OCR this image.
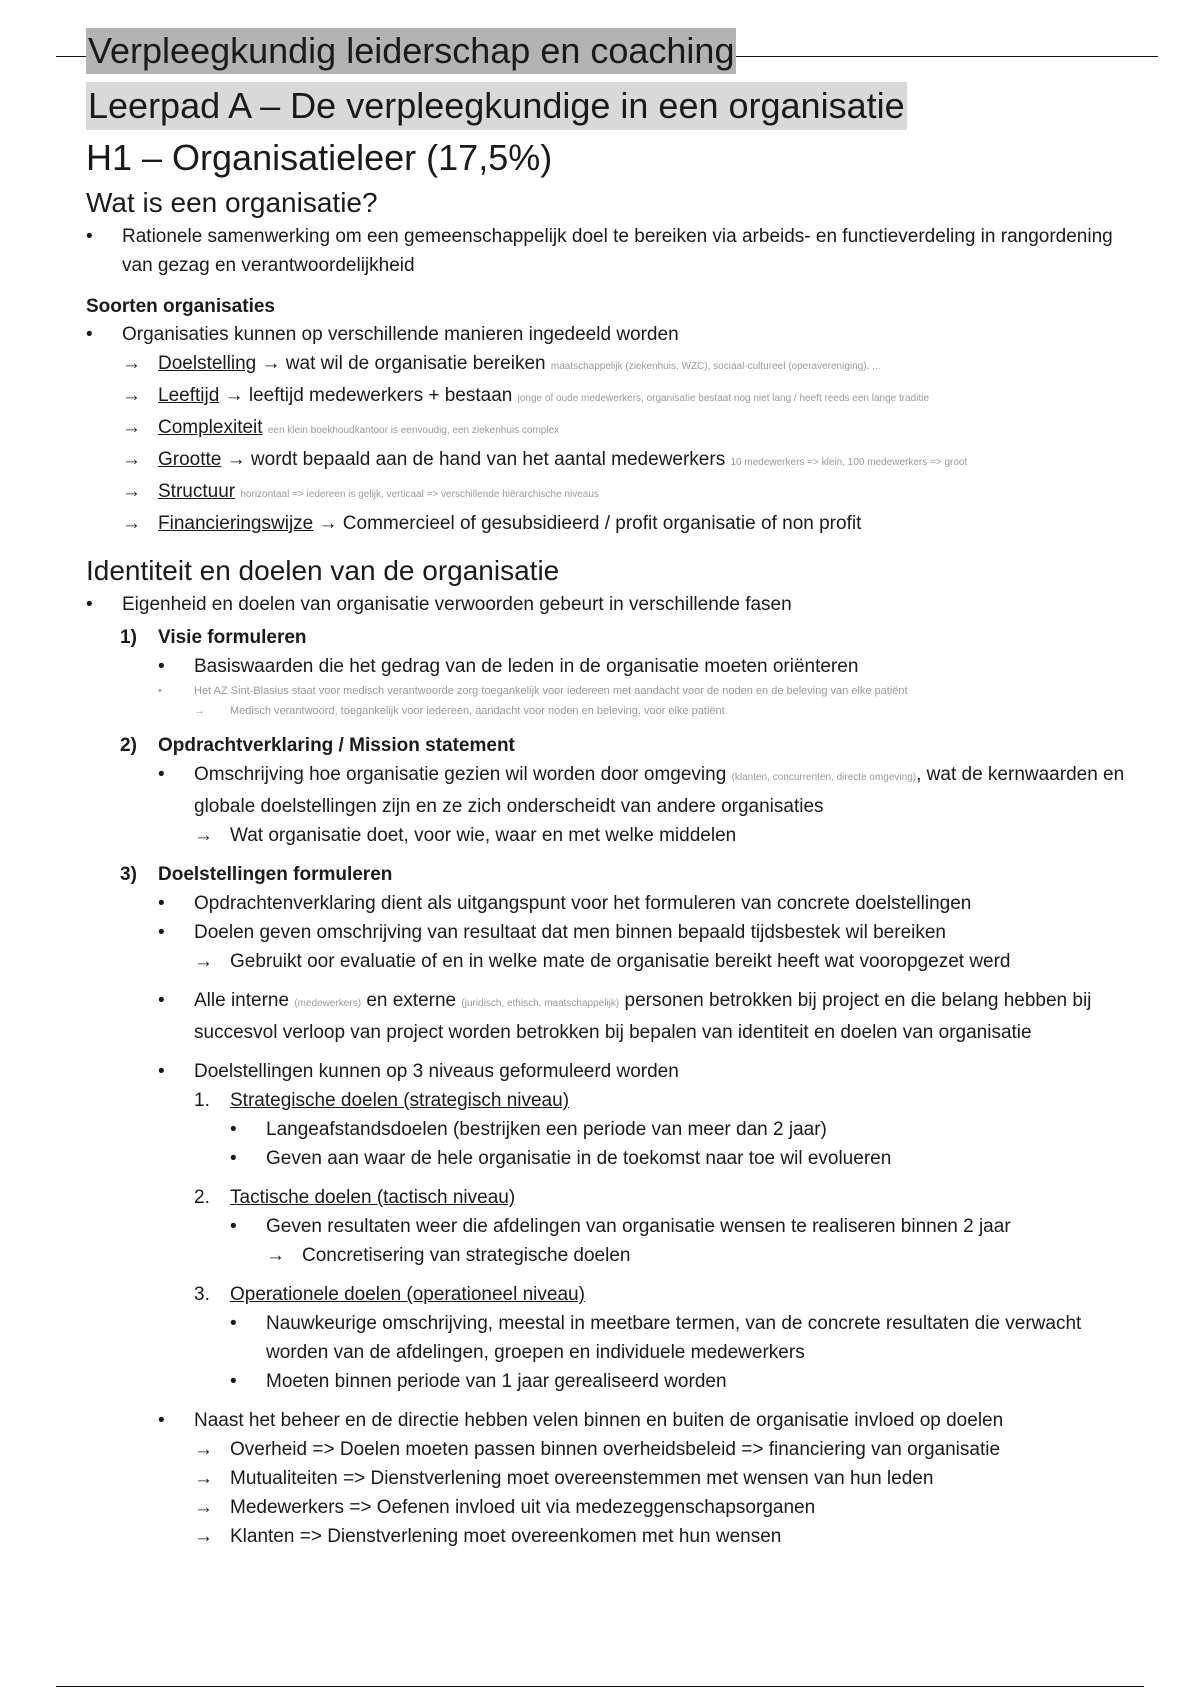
Verpleegkundig leiderschap en coaching
Leerpad A – De verpleegkundige in een organisatie
H1 – Organisatieleer (17,5%)
Wat is een organisatie?
• Rationele samenwerking om een gemeenschappelijk doel te bereiken via arbeids- en functieverdeling in rangordening van gezag en verantwoordelijkheid
Soorten organisaties
• Organisaties kunnen op verschillende manieren ingedeeld worden
→ Doelstelling → wat wil de organisatie bereiken maatschappelijk (ziekenhuis, WZC), sociaal-cultureel (operavereniging), ...
→ Leeftijd → leeftijd medewerkers + bestaan jonge of oude medewerkers, organisatie bestaat nog niet lang / heeft reeds een lange traditie
→ Complexiteit een klein boekhoudkantoor is eenvoudig, een ziekenhuis complex
→ Grootte → wordt bepaald aan de hand van het aantal medewerkers 10 medewerkers => klein, 100 medewerkers => groot
→ Structuur horizontaal => iedereen is gelijk, verticaal => verschillende hiërarchische niveaus
→ Financieringswijze → Commercieel of gesubsidieerd / profit organisatie of non profit
Identiteit en doelen van de organisatie
• Eigenheid en doelen van organisatie verwoorden gebeurt in verschillende fasen
1) Visie formuleren
• Basiswaarden die het gedrag van de leden in de organisatie moeten oriënteren
• Het AZ Sint-Blasius staat voor medisch verantwoorde zorg toegankelijk voor iedereen met aandacht voor de noden en de beleving van elke patiënt
→ Medisch verantwoord, toegankelijk voor iedereen, aandacht voor noden en beleving, voor elke patiënt
2) Opdrachtverklaring / Mission statement
• Omschrijving hoe organisatie gezien wil worden door omgeving (klanten, concurrenten, directe omgeving), wat de kernwaarden en globale doelstellingen zijn en ze zich onderscheidt van andere organisaties
→ Wat organisatie doet, voor wie, waar en met welke middelen
3) Doelstellingen formuleren
• Opdrachtenverklaring dient als uitgangspunt voor het formuleren van concrete doelstellingen
• Doelen geven omschrijving van resultaat dat men binnen bepaald tijdsbestek wil bereiken
→ Gebruikt oor evaluatie of en in welke mate de organisatie bereikt heeft wat vooropgezet werd
• Alle interne (medewerkers) en externe (juridisch, ethisch, maatschappelijk) personen betrokken bij project en die belang hebben bij succesvol verloop van project worden betrokken bij bepalen van identiteit en doelen van organisatie
• Doelstellingen kunnen op 3 niveaus geformuleerd worden
1. Strategische doelen (strategisch niveau)
• Langeafstandsdoelen (bestrijken een periode van meer dan 2 jaar)
• Geven aan waar de hele organisatie in de toekomst naar toe wil evolueren
2. Tactische doelen (tactisch niveau)
• Geven resultaten weer die afdelingen van organisatie wensen te realiseren binnen 2 jaar
→ Concretisering van strategische doelen
3. Operationele doelen (operationeel niveau)
• Nauwkeurige omschrijving, meestal in meetbare termen, van de concrete resultaten die verwacht worden van de afdelingen, groepen en individuele medewerkers
• Moeten binnen periode van 1 jaar gerealiseerd worden
• Naast het beheer en de directie hebben velen binnen en buiten de organisatie invloed op doelen
→ Overheid => Doelen moeten passen binnen overheidsbeleid => financiering van organisatie
→ Mutualiteiten => Dienstverlening moet overeenstemmen met wensen van hun leden
→ Medewerkers => Oefenen invloed uit via medezeggenschapsorganen
→ Klanten => Dienstverlening moet overeenkomen met hun wensen
